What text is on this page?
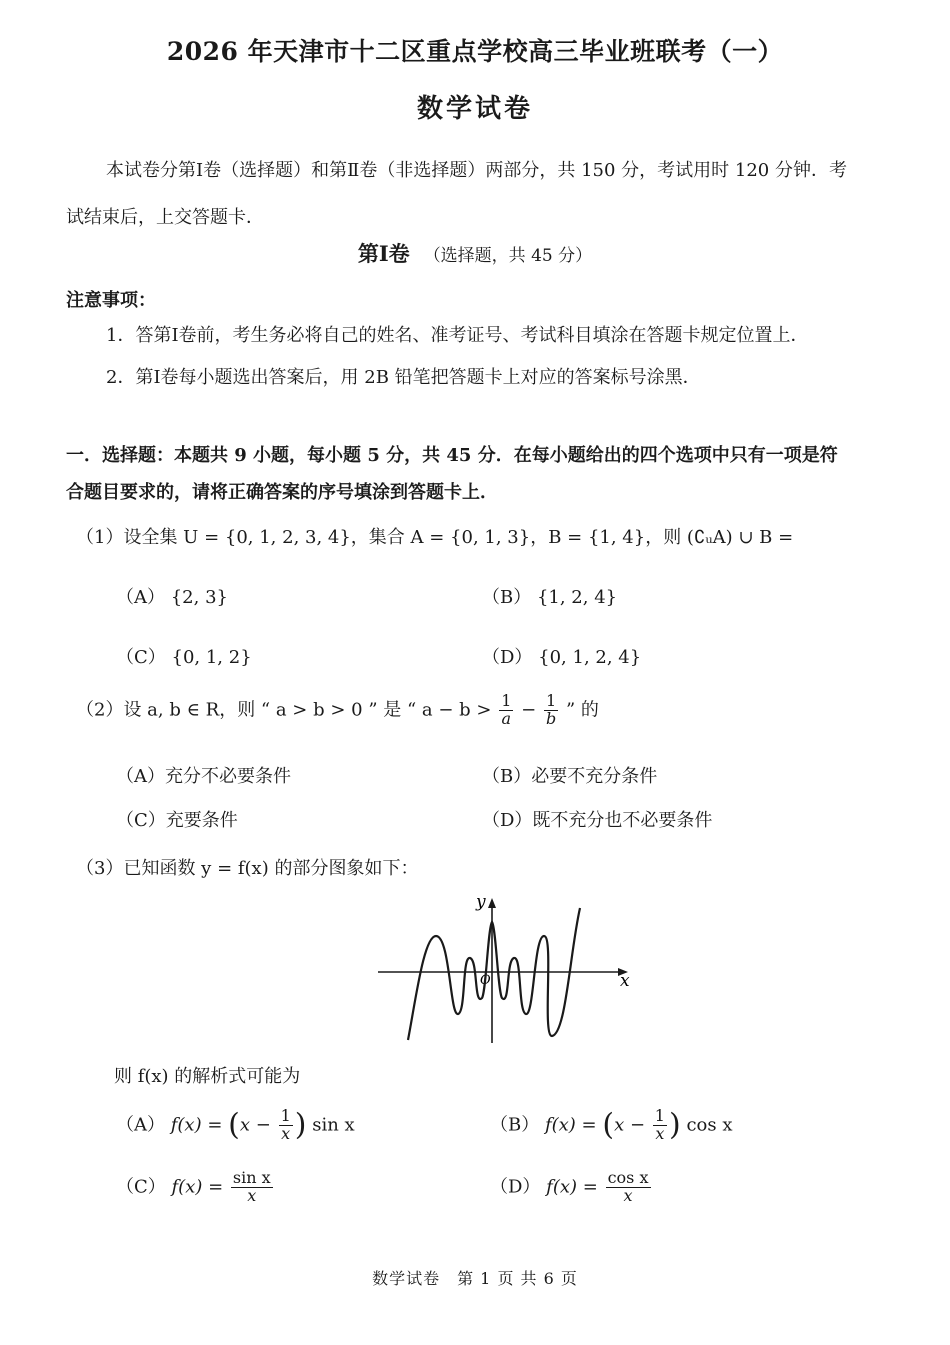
2026 年天津市十二区重点学校高三毕业班联考（一）
数学试卷
本试卷分第Ⅰ卷（选择题）和第Ⅱ卷（非选择题）两部分，共 150 分，考试用时 120 分钟．考
试结束后，上交答题卡．
第Ⅰ卷 （选择题，共 45 分）
注意事项：
1．答第Ⅰ卷前，考生务必将自己的姓名、准考证号、考试科目填涂在答题卡规定位置上．
2．第Ⅰ卷每小题选出答案后，用 2B 铅笔把答题卡上对应的答案标号涂黑．
一．选择题：本题共 9 小题，每小题 5 分，共 45 分．在每小题给出的四个选项中只有一项是符
合题目要求的，请将正确答案的序号填涂到答题卡上．
（1）设全集 U = {0, 1, 2, 3, 4}，集合 A = {0, 1, 3}，B = {1, 4}，则 (∁ᵤA) ∪ B =
（A） {2, 3}	（B） {1, 2, 4}
（C） {0, 1, 2}	（D） {0, 1, 2, 4}
（2）设 a, b ∈ R，则 “ a > b > 0 ” 是 “ $a - b > \frac{1}{a} - \frac{1}{b}$ ” 的
（A）充分不必要条件	（B）必要不充分条件
（C）充要条件	（D）既不充分也不必要条件
（3）已知函数 y = f(x) 的部分图象如下：
y
x
O
则 f(x) 的解析式可能为
（A） $f(x) = (x - \frac{1}{x}$ ) sin x	（B） $f(x) = (x - \frac{1}{x}$ ) cos x
（C） $f(x) = \frac{\text{sin x}}{x}$	（D） $f(x) = \frac{\text{cos x}}{x}$
数学试卷　第 1 页 共 6 页
